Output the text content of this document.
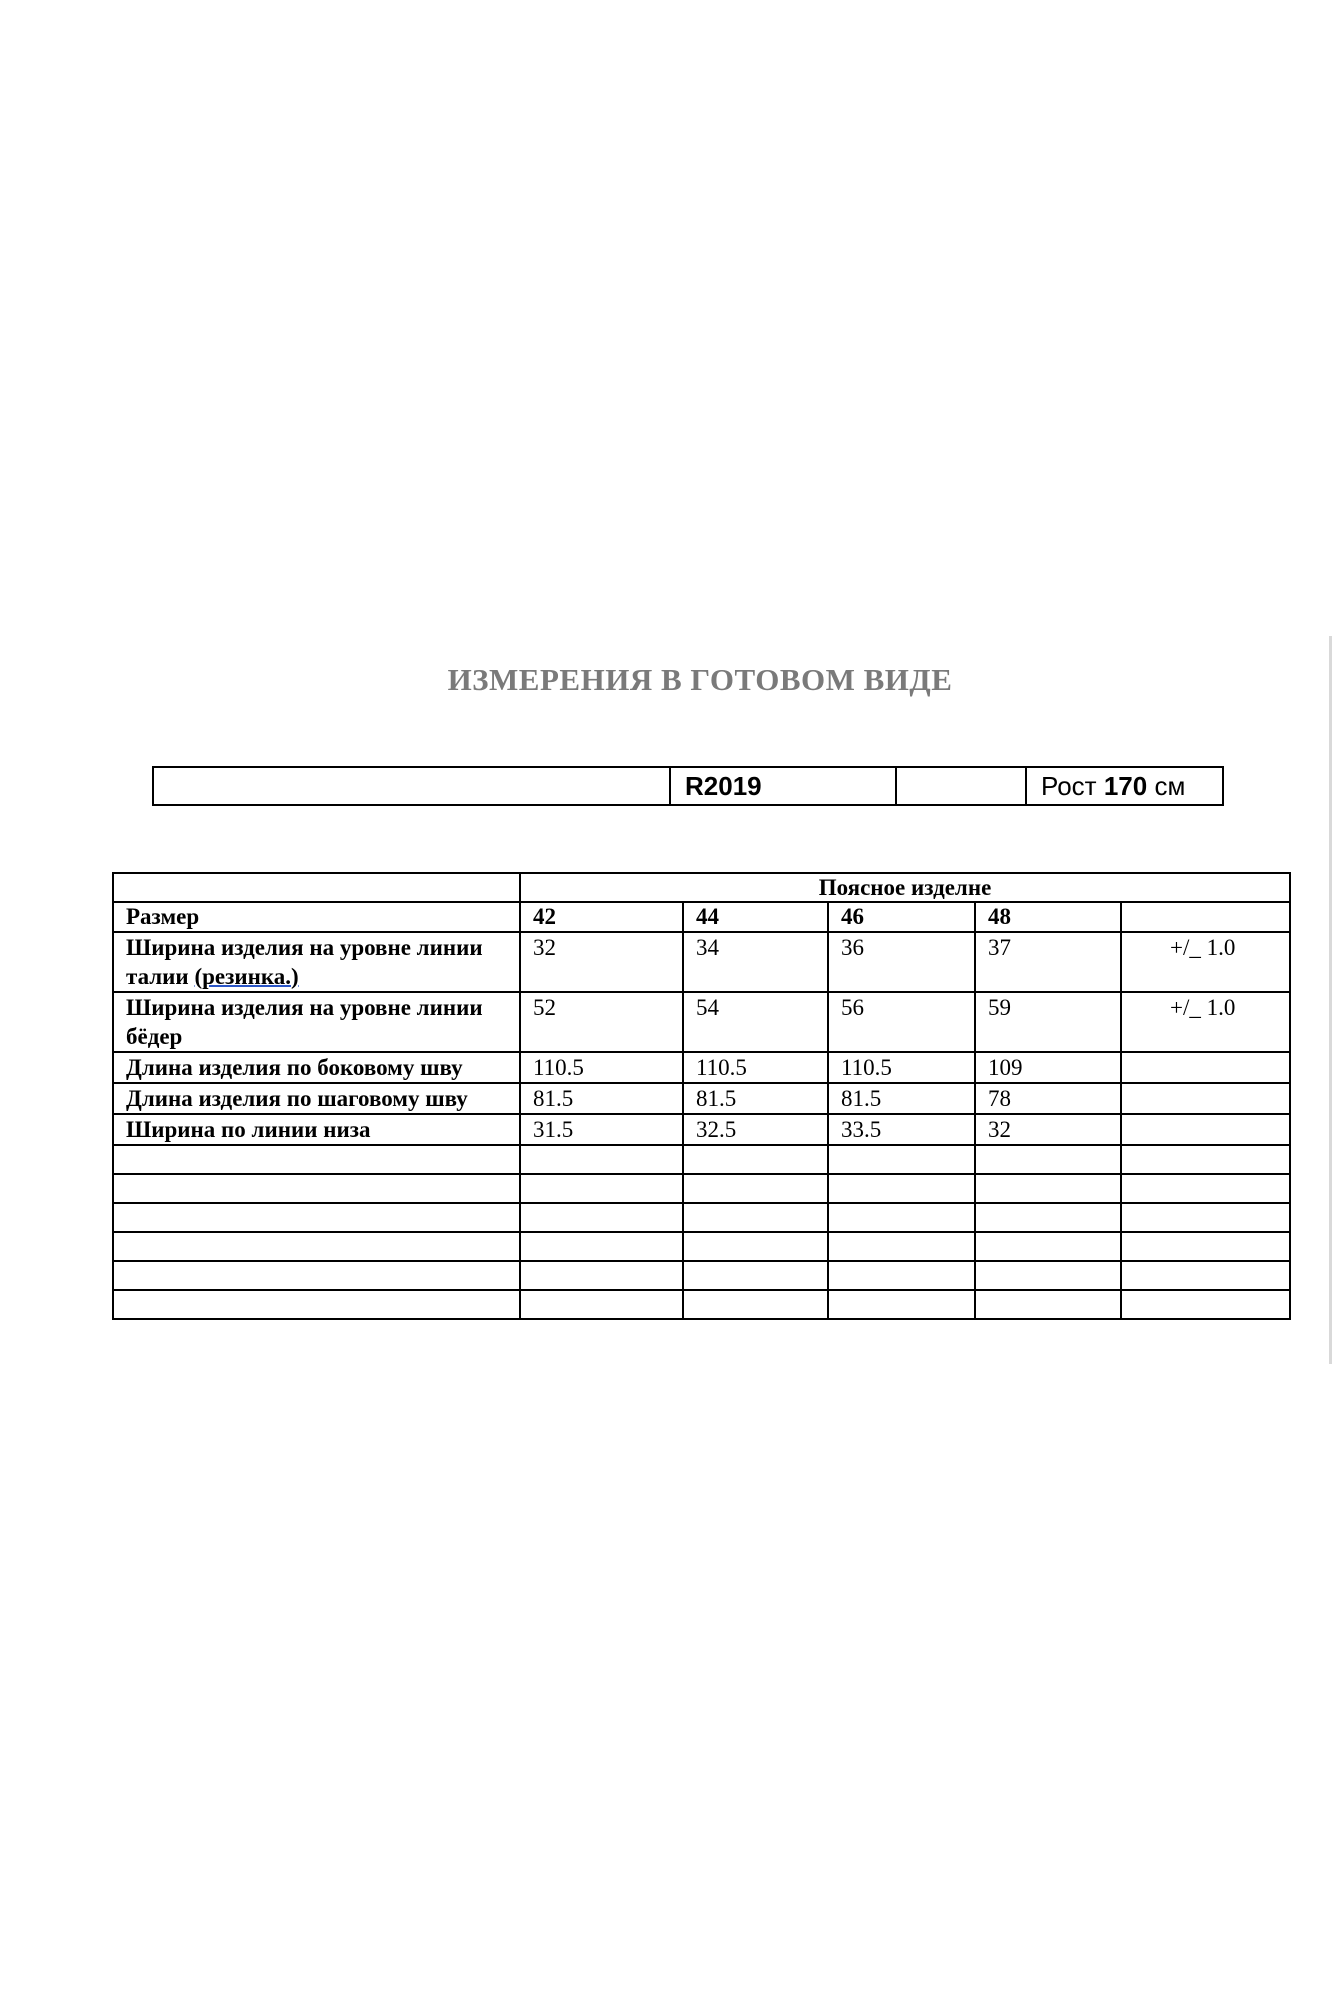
ИЗМЕРЕНИЯ В ГОТОВОМ ВИДЕ
	R2019		Рост 170 см
	Поясное изделне				
Размер	42	44	46	48	
Ширина изделия на уровне линии
талии (резинка.)	32	34	36	37	+/_ 1.0
Ширина изделия на уровне линии
бёдер	52	54	56	59	+/_ 1.0
Длина изделия по боковому шву	110.5	110.5	110.5	109	
Длина изделия по шаговому шву	81.5	81.5	81.5	78	
Ширина по линии низа	31.5	32.5	33.5	32	
